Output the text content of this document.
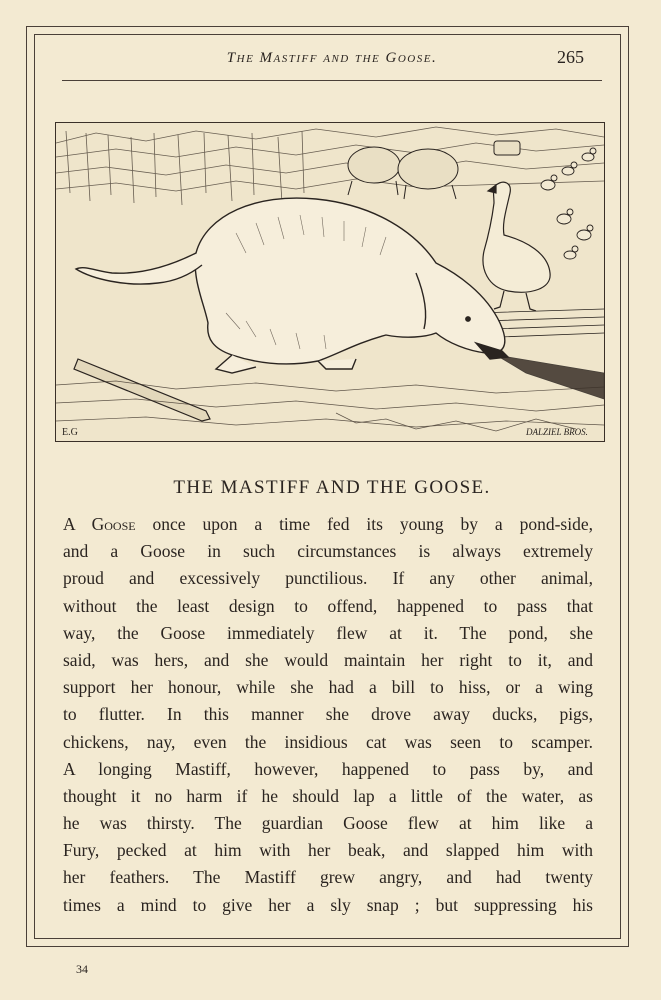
The Mastiff and the Goose.	265
E.G	DALZIEL BROS.
THE MASTIFF AND THE GOOSE.
A Goose once upon a time fed its young by a pond-side,
and a Goose in such circumstances is always extremely
proud and excessively punctilious. If any other animal,
without the least design to offend, happened to pass that
way, the Goose immediately flew at it. The pond, she
said, was hers, and she would maintain her right to it, and
support her honour, while she had a bill to hiss, or a wing
to flutter. In this manner she drove away ducks, pigs,
chickens, nay, even the insidious cat was seen to scamper.
A longing Mastiff, however, happened to pass by, and
thought it no harm if he should lap a little of the water, as
he was thirsty. The guardian Goose flew at him like a
Fury, pecked at him with her beak, and slapped him with
her feathers. The Mastiff grew angry, and had twenty
times a mind to give her a sly snap ; but suppressing his
34
